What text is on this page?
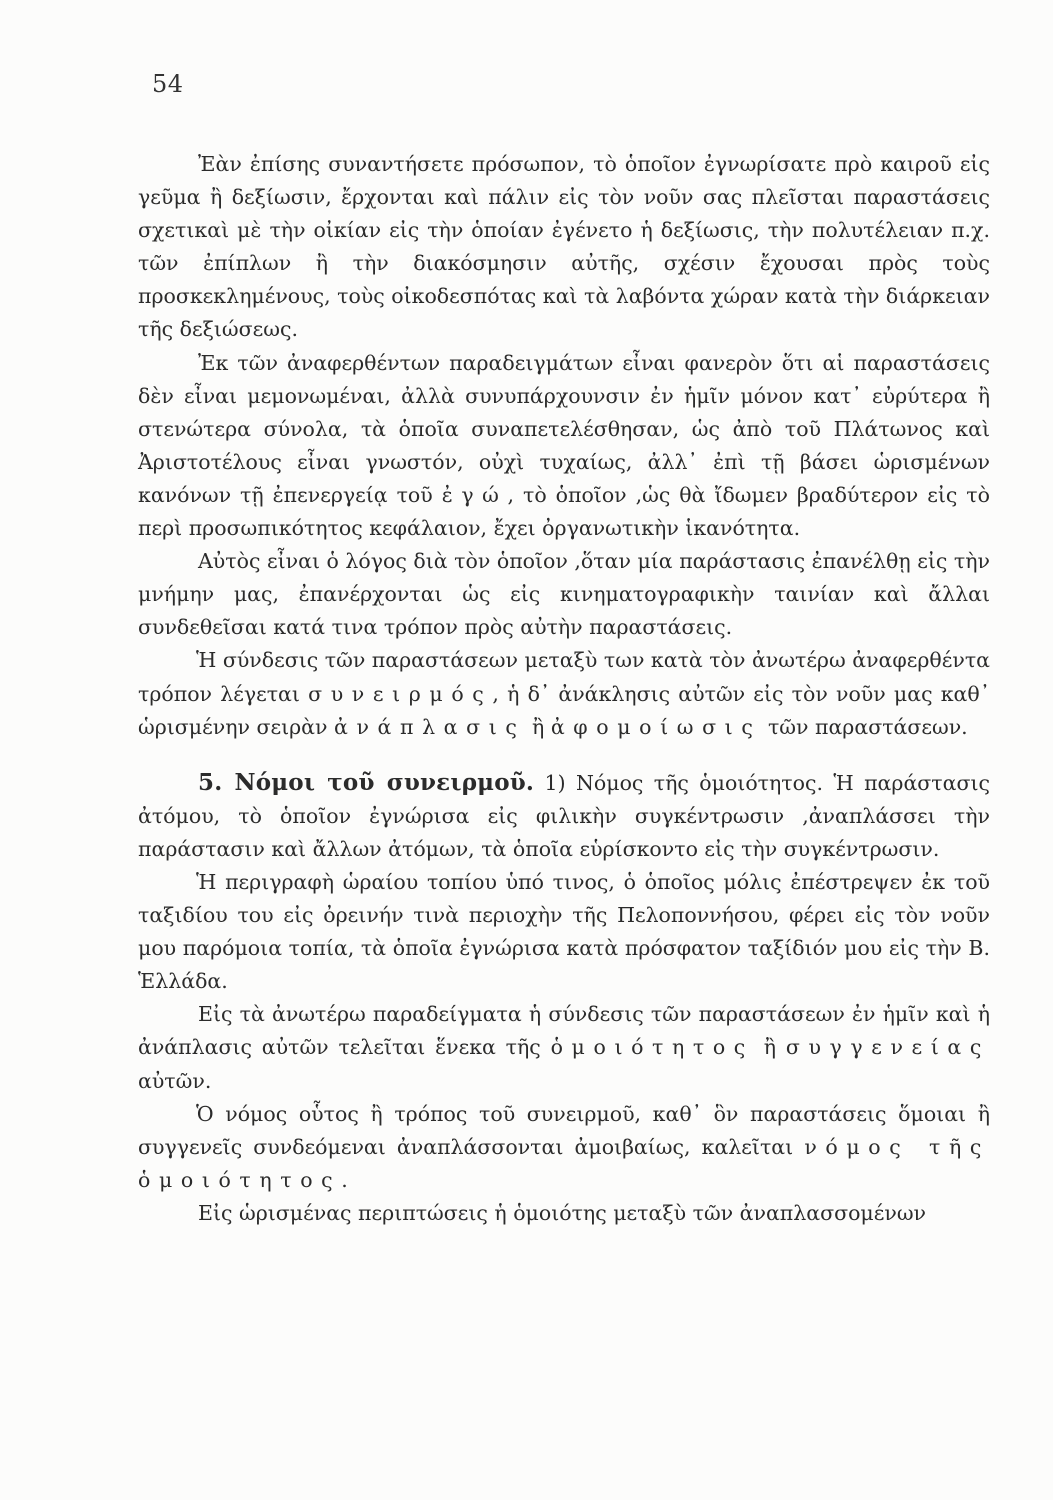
54

Ἐὰν ἐπίσης συναντήσετε πρόσωπον, τὸ ὁποῖον ἐγνωρίσατε πρὸ καιροῦ εἰς γεῦμα ἢ δεξίωσιν, ἔρχονται καὶ πάλιν εἰς τὸν νοῦν σας πλεῖσται παραστάσεις σχετικαὶ μὲ τὴν οἰκίαν εἰς τὴν ὁποίαν ἐγένετο ἡ δεξίωσις, τὴν πολυτέλειαν π.χ. τῶν ἐπίπλων ἢ τὴν διακόσμησιν αὐτῆς, σχέσιν ἔχουσαι πρὸς τοὺς προσκεκλημένους, τοὺς οἰκοδεσπότας καὶ τὰ λαβόντα χώραν κατὰ τὴν διάρκειαν τῆς δεξιώσεως.

Ἐκ τῶν ἀναφερθέντων παραδειγμάτων εἶναι φανερὸν ὅτι αἱ παραστάσεις δὲν εἶναι μεμονωμέναι, ἀλλὰ συνυπάρχουνσιν ἐν ἡμῖν μόνον κατ᾽ εὐρύτερα ἢ στενώτερα σύνολα, τὰ ὁποῖα συναπετελέσθησαν, ὡς ἀπὸ τοῦ Πλάτωνος καὶ Ἀριστοτέλους εἶναι γνωστόν, οὐχὶ τυχαίως, ἀλλ᾽ ἐπὶ τῇ βάσει ὡρισμένων κανόνων τῇ ἐπενεργείᾳ τοῦ ἐγώ, τὸ ὁποῖον ,ὡς θὰ ἴδωμεν βραδύτερον εἰς τὸ περὶ προσωπικότητος κεφάλαιον, ἔχει ὀργανωτικὴν ἱκανότητα.

Αὐτὸς εἶναι ὁ λόγος διὰ τὸν ὁποῖον ,ὅταν μία παράστασις ἐπανέλθῃ εἰς τὴν μνήμην μας, ἐπανέρχονται ὡς εἰς κινηματογραφικὴν ταινίαν καὶ ἄλλαι συνδεθεῖσαι κατά τινα τρόπον πρὸς αὐτὴν παραστάσεις.

Ἡ σύνδεσις τῶν παραστάσεων μεταξὺ των κατὰ τὸν ἀνωτέρω ἀναφερθέντα τρόπον λέγεται συνειρμός, ἡ δ᾽ ἀνάκλησις αὐτῶν εἰς τὸν νοῦν μας καθ᾽ ὡρισμένην σειρὰν ἀνάπλασις ἢ ἀφομοίωσις τῶν παραστάσεων.

5. Νόμοι τοῦ συνειρμοῦ. 1) Νόμος τῆς ὁμοιότητος. Ἡ παράστασις ἀτόμου, τὸ ὁποῖον ἐγνώρισα εἰς φιλικὴν συγκέντρωσιν ,ἀναπλάσσει τὴν παράστασιν καὶ ἄλλων ἀτόμων, τὰ ὁποῖα εὑρίσκοντο εἰς τὴν συγκέντρωσιν.

Ἡ περιγραφὴ ὡραίου τοπίου ὑπό τινος, ὁ ὁποῖος μόλις ἐπέστρεψεν ἐκ τοῦ ταξιδίου του εἰς ὀρεινήν τινὰ περιοχὴν τῆς Πελοποννήσου, φέρει εἰς τὸν νοῦν μου παρόμοια τοπία, τὰ ὁποῖα ἐγνώρισα κατὰ πρόσφατον ταξίδιόν μου εἰς τὴν Β. Ἑλλάδα.

Εἰς τὰ ἀνωτέρω παραδείγματα ἡ σύνδεσις τῶν παραστάσεων ἐν ἡμῖν καὶ ἡ ἀνάπλασις αὐτῶν τελεῖται ἕνεκα τῆς ὁμοιότητος ἢ συγγενείας αὐτῶν.

Ὁ νόμος οὗτος ἢ τρόπος τοῦ συνειρμοῦ, καθ᾽ ὃν παραστάσεις ὅμοιαι ἢ συγγενεῖς συνδεόμεναι ἀναπλάσσονται ἀμοιβαίως, καλεῖται νόμος τῆς ὁμοιότητος.

Εἰς ὡρισμένας περιπτώσεις ἡ ὁμοιότης μεταξὺ τῶν ἀναπλασσομένων
